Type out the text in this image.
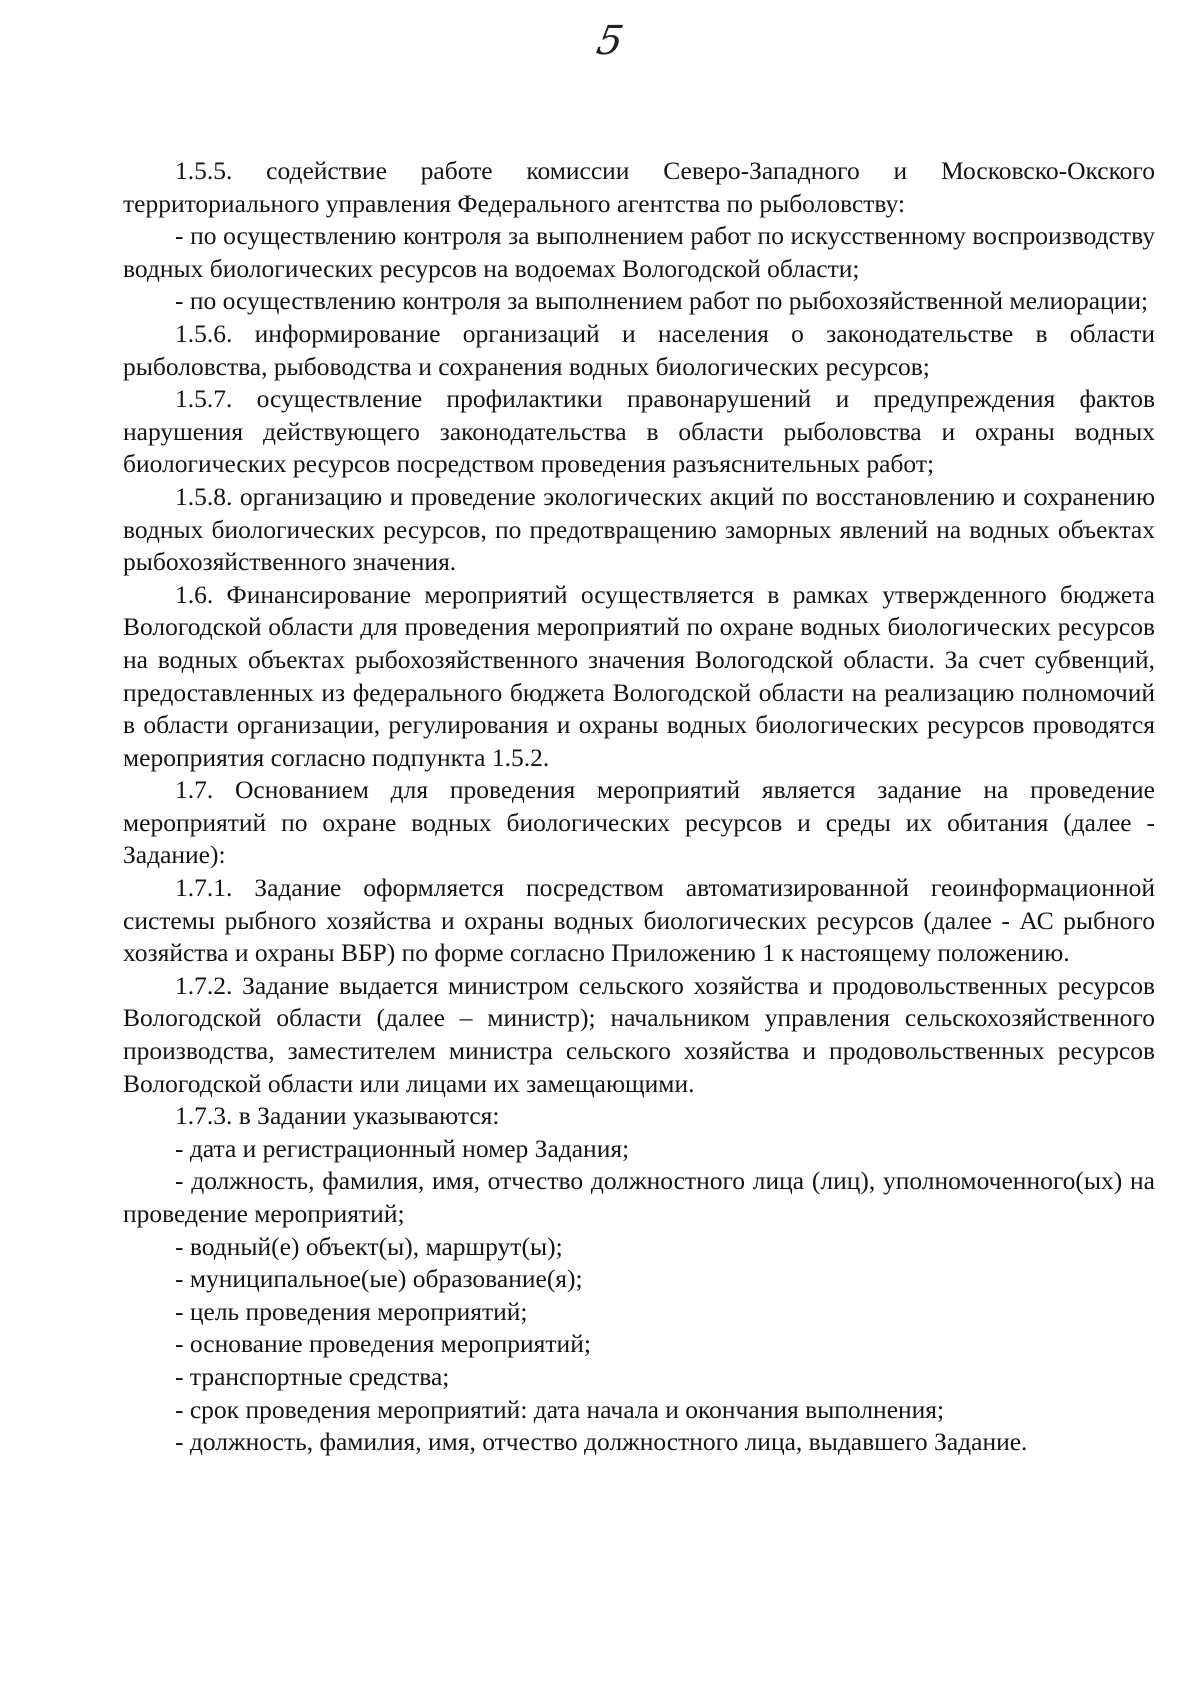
5

1.5.5. содействие работе комиссии Северо-Западного и Московско-Окского территориального управления Федерального агентства по рыболовству:

- по осуществлению контроля за выполнением работ по искусственному воспроизводству водных биологических ресурсов на водоемах Вологодской области;

- по осуществлению контроля за выполнением работ по рыбохозяйственной мелиорации;

1.5.6. информирование организаций и населения о законодательстве в области рыболовства, рыбоводства и сохранения водных биологических ресурсов;

1.5.7. осуществление профилактики правонарушений и предупреждения фактов нарушения действующего законодательства в области рыболовства и охраны водных биологических ресурсов посредством проведения разъяснительных работ;

1.5.8. организацию и проведение экологических акций по восстановлению и сохранению водных биологических ресурсов, по предотвращению заморных явлений на водных объектах рыбохозяйственного значения.

1.6. Финансирование мероприятий осуществляется в рамках утвержденного бюджета Вологодской области для проведения мероприятий по охране водных биологических ресурсов на водных объектах рыбохозяйственного значения Вологодской области. За счет субвенций, предоставленных из федерального бюджета Вологодской области на реализацию полномочий в области организации, регулирования и охраны водных биологических ресурсов проводятся мероприятия согласно подпункта 1.5.2.

1.7. Основанием для проведения мероприятий является задание на проведение мероприятий по охране водных биологических ресурсов и среды их обитания (далее - Задание):

1.7.1. Задание оформляется посредством автоматизированной геоинформационной системы рыбного хозяйства и охраны водных биологических ресурсов (далее - АС рыбного хозяйства и охраны ВБР) по форме согласно Приложению 1 к настоящему положению.

1.7.2. Задание выдается министром сельского хозяйства и продовольственных ресурсов Вологодской области (далее – министр); начальником управления сельскохозяйственного производства, заместителем министра сельского хозяйства и продовольственных ресурсов Вологодской области или лицами их замещающими.

1.7.3. в Задании указываются:

- дата и регистрационный номер Задания;

- должность, фамилия, имя, отчество должностного лица (лиц), уполномоченного(ых) на проведение мероприятий;

- водный(е) объект(ы), маршрут(ы);

- муниципальное(ые) образование(я);

- цель проведения мероприятий;

- основание проведения мероприятий;

- транспортные средства;

- срок проведения мероприятий: дата начала и окончания выполнения;

- должность, фамилия, имя, отчество должностного лица, выдавшего Задание.
